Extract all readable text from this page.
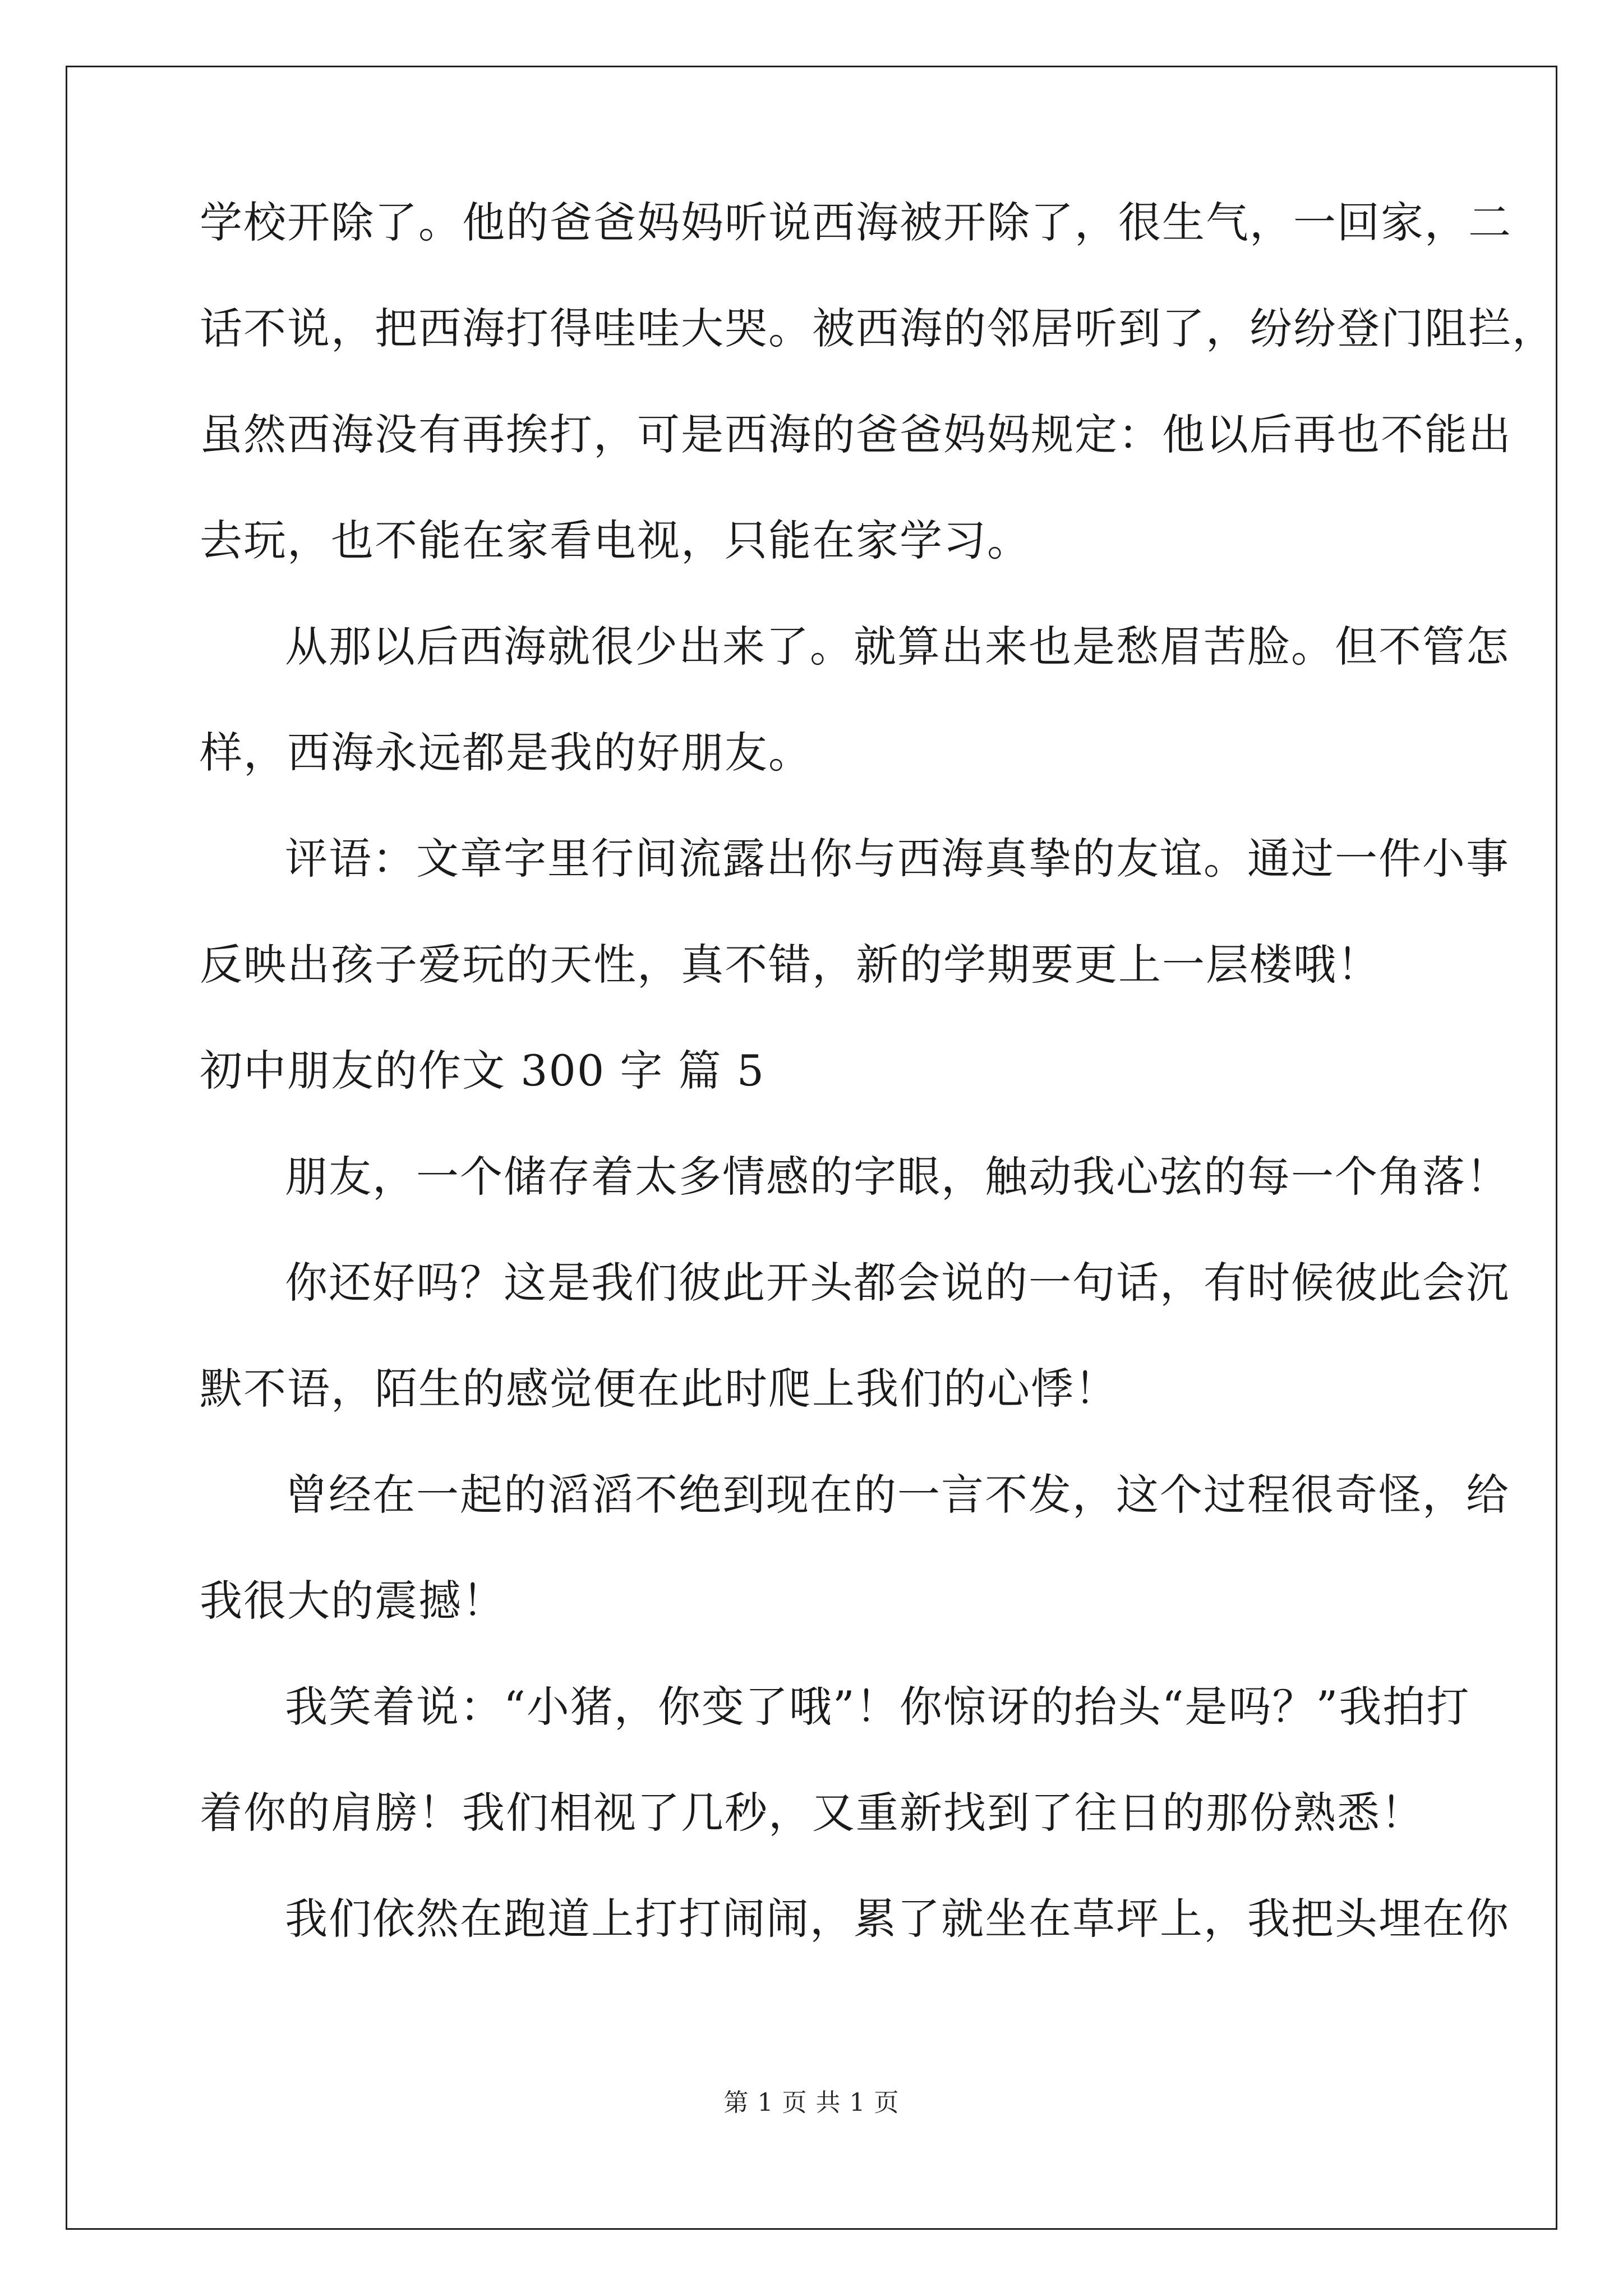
学校开除了。他的爸爸妈妈听说西海被开除了，很生气，一回家，二
话不说，把西海打得哇哇大哭。被西海的邻居听到了，纷纷登门阻拦，
虽然西海没有再挨打，可是西海的爸爸妈妈规定：他以后再也不能出
去玩，也不能在家看电视，只能在家学习。
从那以后西海就很少出来了。就算出来也是愁眉苦脸。但不管怎
样，西海永远都是我的好朋友。
评语：文章字里行间流露出你与西海真挚的友谊。通过一件小事
反映出孩子爱玩的天性，真不错，新的学期要更上一层楼哦！
初中朋友的作文 300 字 篇 5
朋友，一个储存着太多情感的字眼，触动我心弦的每一个角落！
你还好吗？这是我们彼此开头都会说的一句话，有时候彼此会沉
默不语，陌生的感觉便在此时爬上我们的心悸！
曾经在一起的滔滔不绝到现在的一言不发，这个过程很奇怪，给
我很大的震撼！
我笑着说：“小猪，你变了哦”！你惊讶的抬头“是吗？”我拍打
着你的肩膀！我们相视了几秒，又重新找到了往日的那份熟悉！
我们依然在跑道上打打闹闹，累了就坐在草坪上，我把头埋在你
第 1 页 共 1 页
